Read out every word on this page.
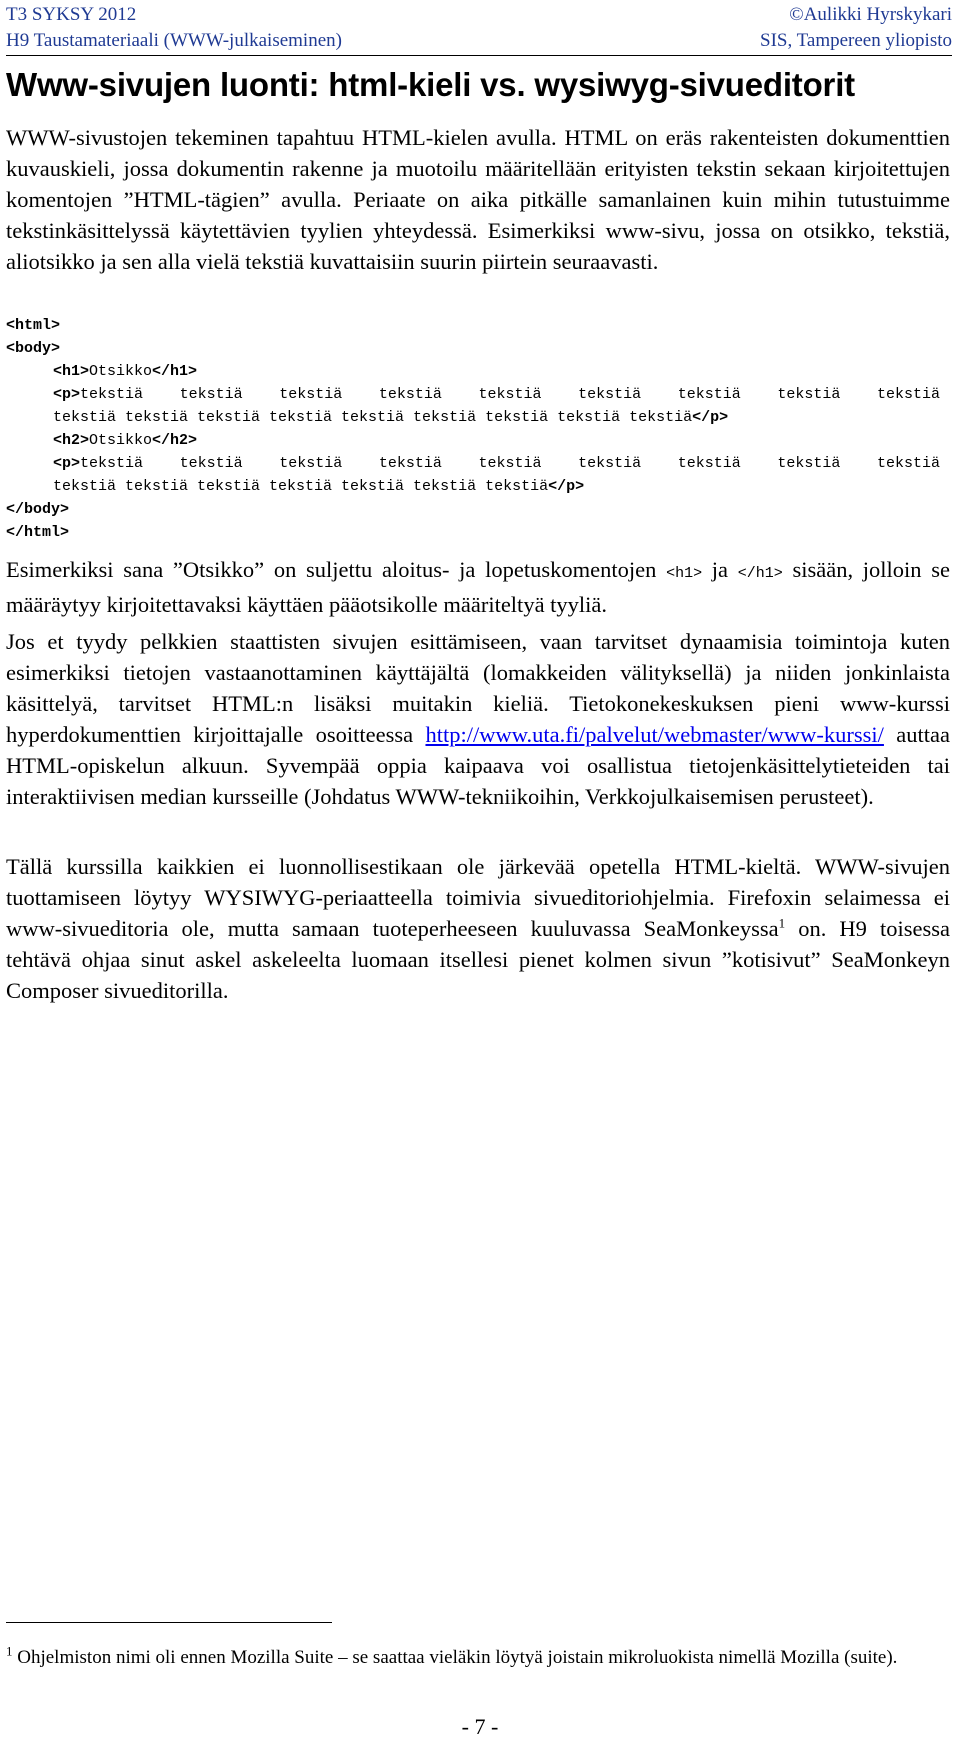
T3 SYKSY 2012	©Aulikki Hyrskykari
H9 Taustamateriaali (WWW-julkaiseminen)	SIS, Tampereen yliopisto
Www-sivujen luonti: html-kieli vs. wysiwyg-sivueditorit
WWW-sivustojen tekeminen tapahtuu HTML-kielen avulla. HTML on eräs rakenteisten dokumenttien kuvauskieli, jossa dokumentin rakenne ja muotoilu määritellään erityisten tekstin sekaan kirjoitettujen komentojen ”HTML-tägien” avulla. Periaate on aika pitkälle samanlainen kuin mihin tutustuimme tekstinkäsittelyssä käytettävien tyylien yhteydessä. Esimerkiksi www-sivu, jossa on otsikko, tekstiä, aliotsikko ja sen alla vielä tekstiä kuvattaisiin suurin piirtein seuraavasti.
<html>
<body>
<h1>Otsikko</h1>
<p>tekstiä tekstiä tekstiä tekstiä tekstiä tekstiä tekstiä tekstiä tekstiä
tekstiä tekstiä tekstiä tekstiä tekstiä tekstiä tekstiä tekstiä tekstiä</p>
<h2>Otsikko</h2>
<p>tekstiä tekstiä tekstiä tekstiä tekstiä tekstiä tekstiä tekstiä tekstiä
tekstiä tekstiä tekstiä tekstiä tekstiä tekstiä tekstiä</p>
</body>
</html>
Esimerkiksi sana ”Otsikko” on suljettu aloitus- ja lopetuskomentojen <h1> ja </h1> sisään, jolloin se määräytyy kirjoitettavaksi käyttäen pääotsikolle määriteltyä tyyliä.
Jos et tyydy pelkkien staattisten sivujen esittämiseen, vaan tarvitset dynaamisia toimintoja kuten esimerkiksi tietojen vastaanottaminen käyttäjältä (lomakkeiden välityksellä) ja niiden jonkinlaista käsittelyä, tarvitset HTML:n lisäksi muitakin kieliä. Tietokonekeskuksen pieni www-kurssi hyperdokumenttien kirjoittajalle osoitteessa http://www.uta.fi/palvelut/webmaster/www-kurssi/ auttaa HTML-opiskelun alkuun. Syvempää oppia kaipaava voi osallistua tietojenkäsittelytieteiden tai interaktiivisen median kursseille (Johdatus WWW-tekniikoihin, Verkkojulkaisemisen perusteet).
Tällä kurssilla kaikkien ei luonnollisestikaan ole järkevää opetella HTML-kieltä. WWW-sivujen tuottamiseen löytyy WYSIWYG-periaatteella toimivia sivueditoriohjelmia. Firefoxin selaimessa ei www-sivueditoria ole, mutta samaan tuoteperheeseen kuuluvassa SeaMonkeyssa$^1$ on. H9 toisessa tehtävä ohjaa sinut askel askeleelta luomaan itsellesi pienet kolmen sivun ”kotisivut” SeaMonkeyn Composer sivueditorilla.
$^1$ Ohjelmiston nimi oli ennen Mozilla Suite – se saattaa vieläkin löytyä joistain mikroluokista nimellä Mozilla (suite).
- 7 -
